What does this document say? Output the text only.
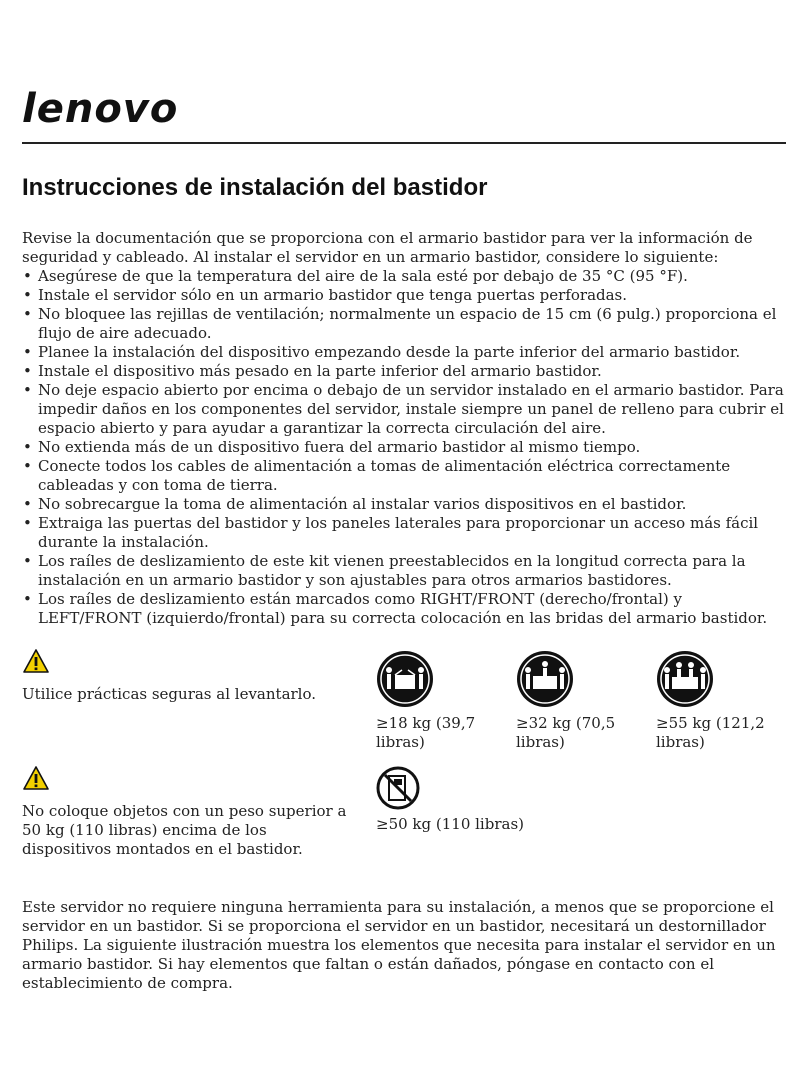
lenovo
Instrucciones de instalación del bastidor

Revise la documentación que se proporciona con el armario bastidor para ver la información de seguridad y cableado. Al instalar el servidor en un armario bastidor, considere lo siguiente:

• Asegúrese de que la temperatura del aire de la sala esté por debajo de 35 °C (95 °F).
• Instale el servidor sólo en un armario bastidor que tenga puertas perforadas.
• No bloquee las rejillas de ventilación; normalmente un espacio de 15 cm (6 pulg.) proporciona el flujo de aire adecuado.
• Planee la instalación del dispositivo empezando desde la parte inferior del armario bastidor.
• Instale el dispositivo más pesado en la parte inferior del armario bastidor.
• No deje espacio abierto por encima o debajo de un servidor instalado en el armario bastidor. Para impedir daños en los componentes del servidor, instale siempre un panel de relleno para cubrir el espacio abierto y para ayudar a garantizar la correcta circulación del aire.
• No extienda más de un dispositivo fuera del armario bastidor al mismo tiempo.
• Conecte todos los cables de alimentación a tomas de alimentación eléctrica correctamente cableadas y con toma de tierra.
• No sobrecargue la toma de alimentación al instalar varios dispositivos en el bastidor.
• Extraiga las puertas del bastidor y los paneles laterales para proporcionar un acceso más fácil durante la instalación.
• Los raíles de deslizamiento de este kit vienen preestablecidos en la longitud correcta para la instalación en un armario bastidor y son ajustables para otros armarios bastidores.
• Los raíles de deslizamiento están marcados como RIGHT/FRONT (derecho/frontal) y LEFT/FRONT (izquierdo/frontal) para su correcta colocación en las bridas del armario bastidor.

Utilice prácticas seguras al levantarlo.

≥18 kg (39,7 libras)

≥32 kg (70,5 libras)

≥55 kg (121,2 libras)

No coloque objetos con un peso superior a 50 kg (110 libras) encima de los dispositivos montados en el bastidor.

≥50 kg (110 libras)

Este servidor no requiere ninguna herramienta para su instalación, a menos que se proporcione el servidor en un bastidor. Si se proporciona el servidor en un bastidor, necesitará un destornillador Philips. La siguiente ilustración muestra los elementos que necesita para instalar el servidor en un armario bastidor. Si hay elementos que faltan o están dañados, póngase en contacto con el establecimiento de compra.
